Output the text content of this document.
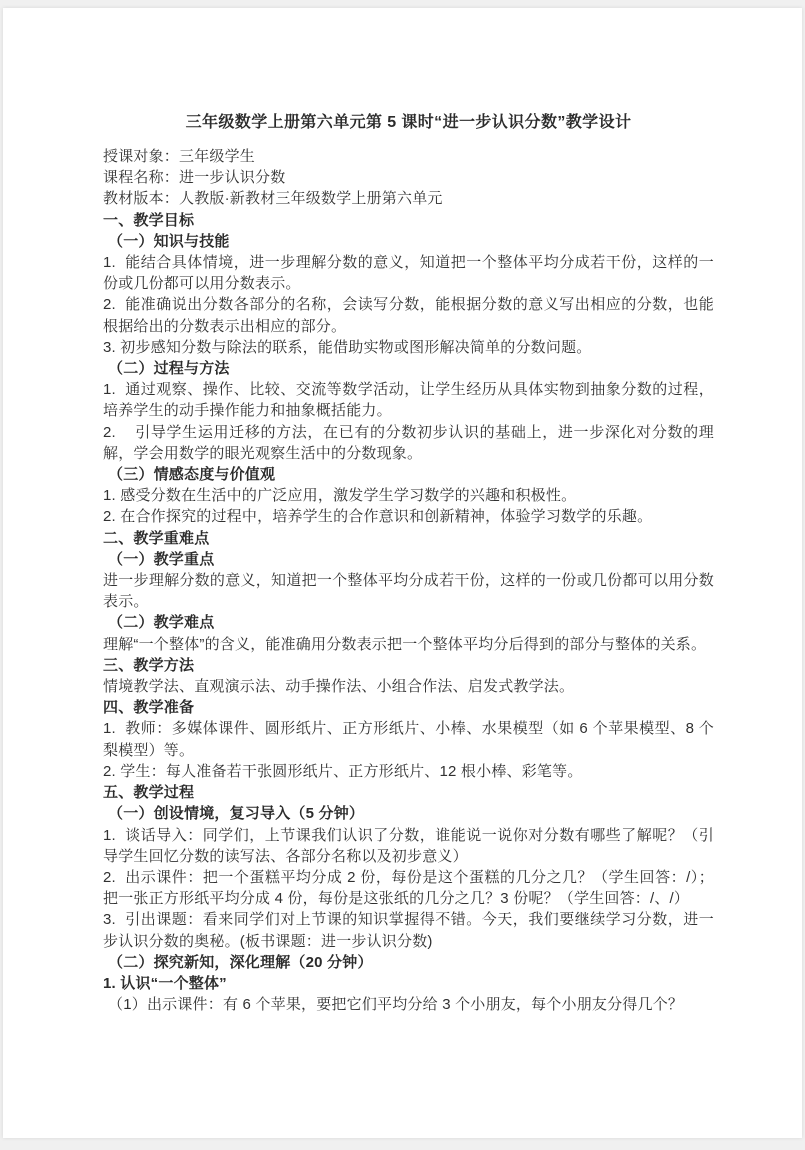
三年级数学上册第六单元第 5 课时“进一步认识分数”教学设计

授课对象：三年级学生

课程名称：进一步认识分数

教材版本：人教版·新教材三年级数学上册第六单元

一、教学目标

（一）知识与技能

1.  能结合具体情境，进一步理解分数的意义，知道把一个整体平均分成若干份，这样的一份或几份都可以用分数表示。

2.  能准确说出分数各部分的名称，会读写分数，能根据分数的意义写出相应的分数，也能根据给出的分数表示出相应的部分。

3. 初步感知分数与除法的联系，能借助实物或图形解决简单的分数问题。

（二）过程与方法

1.  通过观察、操作、比较、交流等数学活动，让学生经历从具体实物到抽象分数的过程，培养学生的动手操作能力和抽象概括能力。

2.    引导学生运用迁移的方法，在已有的分数初步认识的基础上，进一步深化对分数的理解，学会用数学的眼光观察生活中的分数现象。

（三）情感态度与价值观

1. 感受分数在生活中的广泛应用，激发学生学习数学的兴趣和积极性。

2. 在合作探究的过程中，培养学生的合作意识和创新精神，体验学习数学的乐趣。

二、教学重难点

（一）教学重点

进一步理解分数的意义，知道把一个整体平均分成若干份，这样的一份或几份都可以用分数表示。

（二）教学难点

理解“一个整体”的含义，能准确用分数表示把一个整体平均分后得到的部分与整体的关系。

三、教学方法

情境教学法、直观演示法、动手操作法、小组合作法、启发式教学法。

四、教学准备

1.  教师：多媒体课件、圆形纸片、正方形纸片、小棒、水果模型（如 6 个苹果模型、8 个梨模型）等。

2. 学生：每人准备若干张圆形纸片、正方形纸片、12 根小棒、彩笔等。

五、教学过程

（一）创设情境，复习导入（5 分钟）

1.  谈话导入：同学们，上节课我们认识了分数，谁能说一说你对分数有哪些了解呢？（引导学生回忆分数的读写法、各部分名称以及初步意义）

2.  出示课件：把一个蛋糕平均分成 2 份，每份是这个蛋糕的几分之几？（学生回答：/）；把一张正方形纸平均分成 4 份，每份是这张纸的几分之几？3 份呢？（学生回答：/、/）

3.  引出课题：看来同学们对上节课的知识掌握得不错。今天，我们要继续学习分数，进一步认识分数的奥秘。(板书课题：进一步认识分数)

（二）探究新知，深化理解（20 分钟）

1. 认识“一个整体”

（1）出示课件：有 6 个苹果，要把它们平均分给 3 个小朋友，每个小朋友分得几个？
